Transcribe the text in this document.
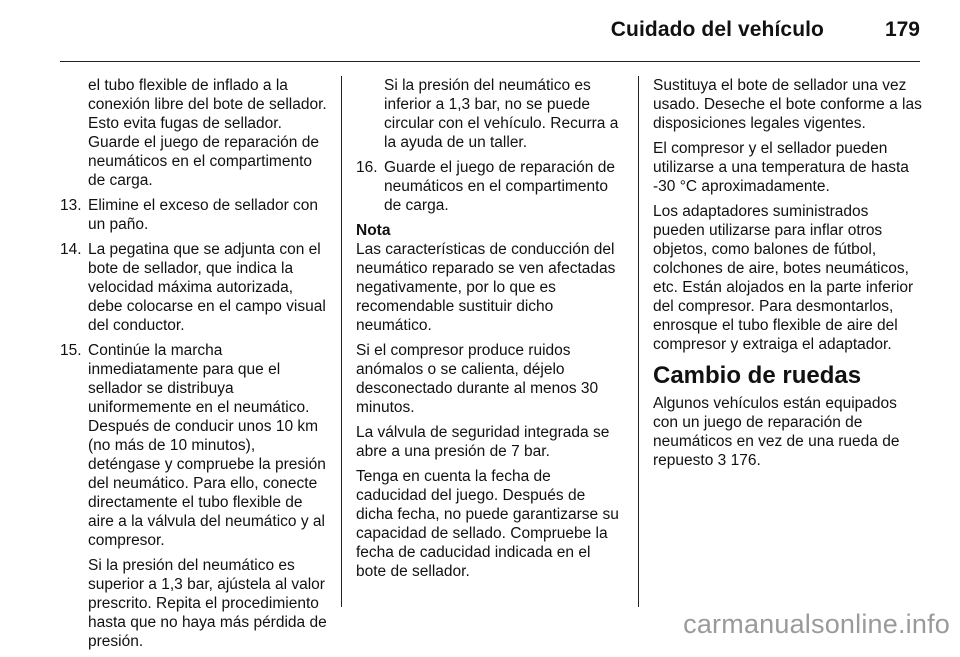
Cuidado del vehículo	179

el tubo flexible de inflado a la conexión libre del bote de sellador. Esto evita fugas de sellador. Guarde el juego de reparación de neumáticos en el compartimento de carga.

13. Elimine el exceso de sellador con un paño.

14. La pegatina que se adjunta con el bote de sellador, que indica la velocidad máxima autorizada, debe colocarse en el campo visual del conductor.

15. Continúe la marcha inmediatamente para que el sellador se distribuya uniformemente en el neumático. Después de conducir unos 10 km (no más de 10 minutos), deténgase y compruebe la presión del neumático. Para ello, conecte directamente el tubo flexible de aire a la válvula del neumático y al compresor.

Si la presión del neumático es superior a 1,3 bar, ajústela al valor prescrito. Repita el procedimiento hasta que no haya más pérdida de presión.

Si la presión del neumático es inferior a 1,3 bar, no se puede circular con el vehículo. Recurra a la ayuda de un taller.

16. Guarde el juego de reparación de neumáticos en el compartimento de carga.

Nota

Las características de conducción del neumático reparado se ven afectadas negativamente, por lo que es recomendable sustituir dicho neumático.

Si el compresor produce ruidos anómalos o se calienta, déjelo desconectado durante al menos 30 minutos.

La válvula de seguridad integrada se abre a una presión de 7 bar.

Tenga en cuenta la fecha de caducidad del juego. Después de dicha fecha, no puede garantizarse su capacidad de sellado. Compruebe la fecha de caducidad indicada en el bote de sellador.

Sustituya el bote de sellador una vez usado. Deseche el bote conforme a las disposiciones legales vigentes.

El compresor y el sellador pueden utilizarse a una temperatura de hasta -30 °C aproximadamente.

Los adaptadores suministrados pueden utilizarse para inflar otros objetos, como balones de fútbol, colchones de aire, botes neumáticos, etc. Están alojados en la parte inferior del compresor. Para desmontarlos, enrosque el tubo flexible de aire del compresor y extraiga el adaptador.

Cambio de ruedas

Algunos vehículos están equipados con un juego de reparación de neumáticos en vez de una rueda de repuesto 3 176.

carmanualsonline.info
